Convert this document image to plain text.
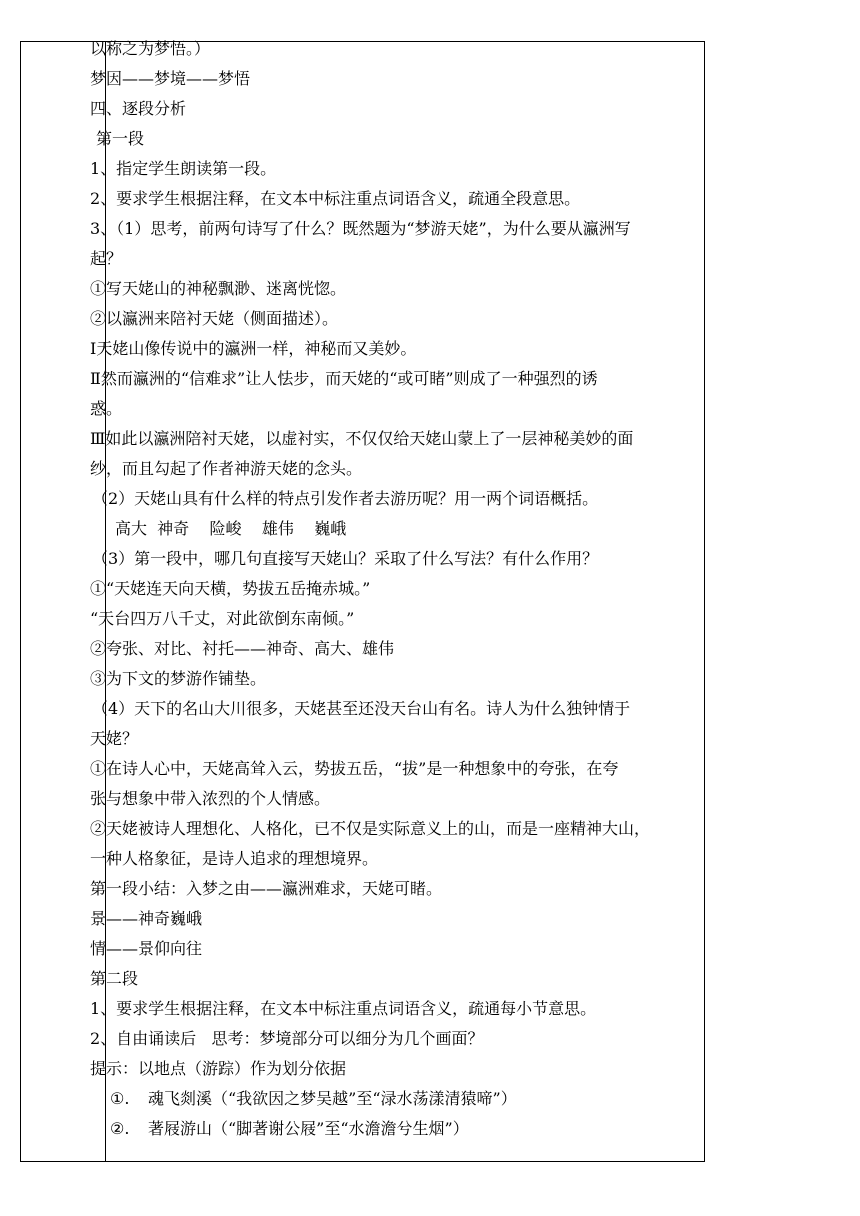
以称之为梦悟。）
梦因——梦境——梦悟
四、逐段分析
第一段
1、指定学生朗读第一段。
2、要求学生根据注释，在文本中标注重点词语含义，疏通全段意思。
3、（1）思考，前两句诗写了什么？既然题为“梦游天姥”，为什么要从瀛洲写
起？
①写天姥山的神秘飘渺、迷离恍惚。
②以瀛洲来陪衬天姥（侧面描述）。
Ⅰ天姥山像传说中的瀛洲一样，神秘而又美妙。
Ⅱ然而瀛洲的“信难求”让人怯步，而天姥的“或可睹”则成了一种强烈的诱
惑。
Ⅲ如此以瀛洲陪衬天姥，以虚衬实，不仅仅给天姥山蒙上了一层神秘美妙的面
纱，而且勾起了作者神游天姥的念头。
（2）天姥山具有什么样的特点引发作者去游历呢？用一两个词语概括。
高大  神奇    险峻    雄伟    巍峨
（3）第一段中，哪几句直接写天姥山？采取了什么写法？有什么作用？
①“天姥连天向天横，势拔五岳掩赤城。”
“天台四万八千丈，对此欲倒东南倾。”
②夸张、对比、衬托——神奇、高大、雄伟
③为下文的梦游作铺垫。
（4）天下的名山大川很多，天姥甚至还没天台山有名。诗人为什么独钟情于
天姥？
①在诗人心中，天姥高耸入云，势拔五岳，“拔”是一种想象中的夸张，在夸
张与想象中带入浓烈的个人情感。
②天姥被诗人理想化、人格化，已不仅是实际意义上的山，而是一座精神大山，
一种人格象征，是诗人追求的理想境界。
第一段小结：入梦之由——瀛洲难求，天姥可睹。
景——神奇巍峨
情——景仰向往
第二段
1、要求学生根据注释，在文本中标注重点词语含义，疏通每小节意思。
2、自由诵读后   思考：梦境部分可以细分为几个画面？
提示：以地点（游踪）作为划分依据
①. 魂飞剡溪（“我欲因之梦吴越”至“渌水荡漾清猿啼”）
②. 著屐游山（“脚著谢公屐”至“水澹澹兮生烟”）
